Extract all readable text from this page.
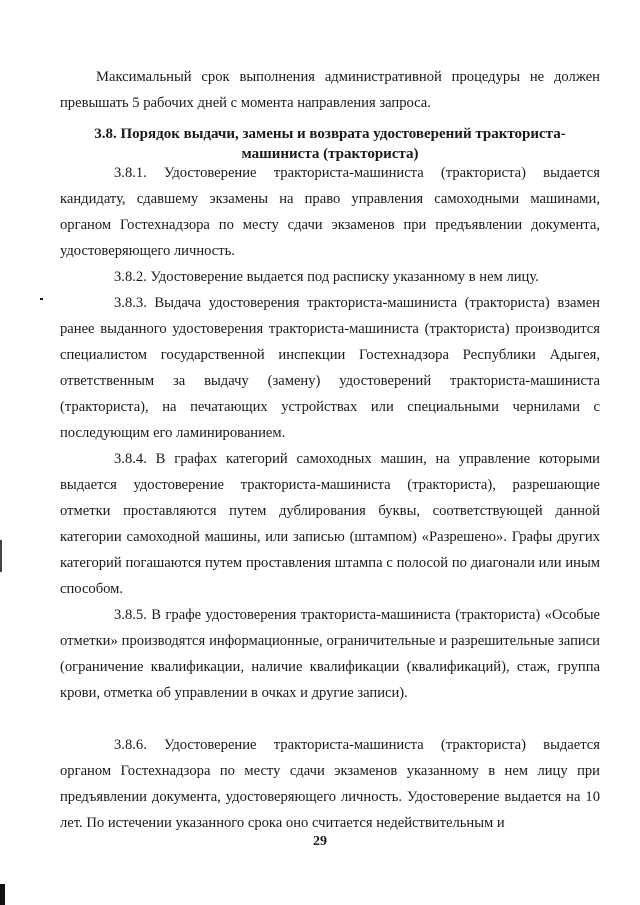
Максимальный срок выполнения административной процедуры не должен превышать 5 рабочих дней с момента направления запроса.

3.8. Порядок выдачи, замены и возврата удостоверений тракториста-
машиниста (тракториста)

3.8.1. Удостоверение тракториста-машиниста (тракториста) выдается кандидату, сдавшему экзамены на право управления самоходными машинами, органом Гостехнадзора по месту сдачи экзаменов при предъявлении документа, удостоверяющего личность.

3.8.2. Удостоверение выдается под расписку указанному в нем лицу.

3.8.3. Выдача удостоверения тракториста-машиниста (тракториста) взамен ранее выданного удостоверения тракториста-машиниста (тракториста) производится специалистом государственной инспекции Гостехнадзора Республики Адыгея, ответственным за выдачу (замену) удостоверений тракториста-машиниста (тракториста), на печатающих устройствах или специальными чернилами с последующим его ламинированием.

3.8.4. В графах категорий самоходных машин, на управление которыми выдается удостоверение тракториста-машиниста (тракториста), разрешающие отметки проставляются путем дублирования буквы, соответствующей данной категории самоходной машины, или записью (штампом) «Разрешено». Графы других категорий погашаются путем проставления штампа с полосой по диагонали или иным способом.

3.8.5. В графе удостоверения тракториста-машиниста (тракториста) «Особые отметки» производятся информационные, ограничительные и разрешительные записи (ограничение квалификации, наличие квалификации (квалификаций), стаж, группа крови, отметка об управлении в очках и другие записи).

3.8.6. Удостоверение тракториста-машиниста (тракториста) выдается органом Гостехнадзора по месту сдачи экзаменов указанному в нем лицу при предъявлении документа, удостоверяющего личность. Удостоверение выдается на 10 лет. По истечении указанного срока оно считается недействительным и

29
